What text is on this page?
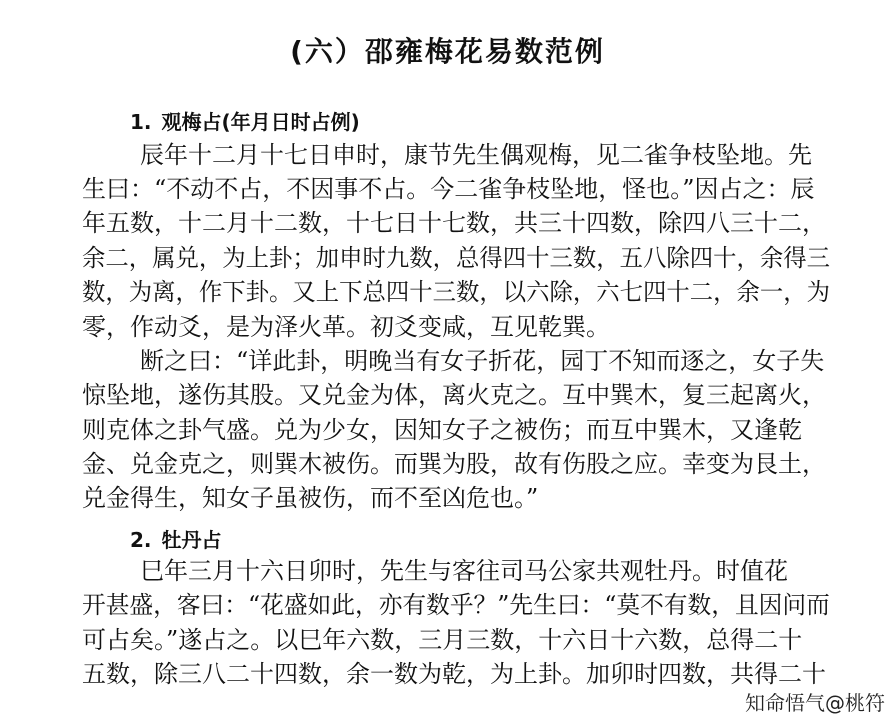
(六）邵雍梅花易数范例
1. 观梅占(年月日时占例)

辰年十二月十七日申时，康节先生偶观梅，见二雀争枝坠地。先

生曰：“不动不占，不因事不占。今二雀争枝坠地，怪也。”因占之：辰

年五数，十二月十二数，十七日十七数，共三十四数，除四八三十二，

余二，属兑，为上卦；加申时九数，总得四十三数，五八除四十，余得三

数，为离，作下卦。又上下总四十三数，以六除，六七四十二，余一，为

零，作动爻，是为泽火革。初爻变咸，互见乾巽。

断之曰：“详此卦，明晚当有女子折花，园丁不知而逐之，女子失

惊坠地，遂伤其股。又兑金为体，离火克之。互中巽木，复三起离火，

则克体之卦气盛。兑为少女，因知女子之被伤；而互中巽木，又逢乾

金、兑金克之，则巽木被伤。而巽为股，故有伤股之应。幸变为艮土，

兑金得生，知女子虽被伤，而不至凶危也。”

2. 牡丹占

巳年三月十六日卯时，先生与客往司马公家共观牡丹。时值花

开甚盛，客曰：“花盛如此，亦有数乎？”先生曰：“莫不有数，且因问而

可占矣。”遂占之。以巳年六数，三月三数，十六日十六数，总得二十

五数，除三八二十四数，余一数为乾，为上卦。加卯时四数，共得二十

知命悟气@桃符
